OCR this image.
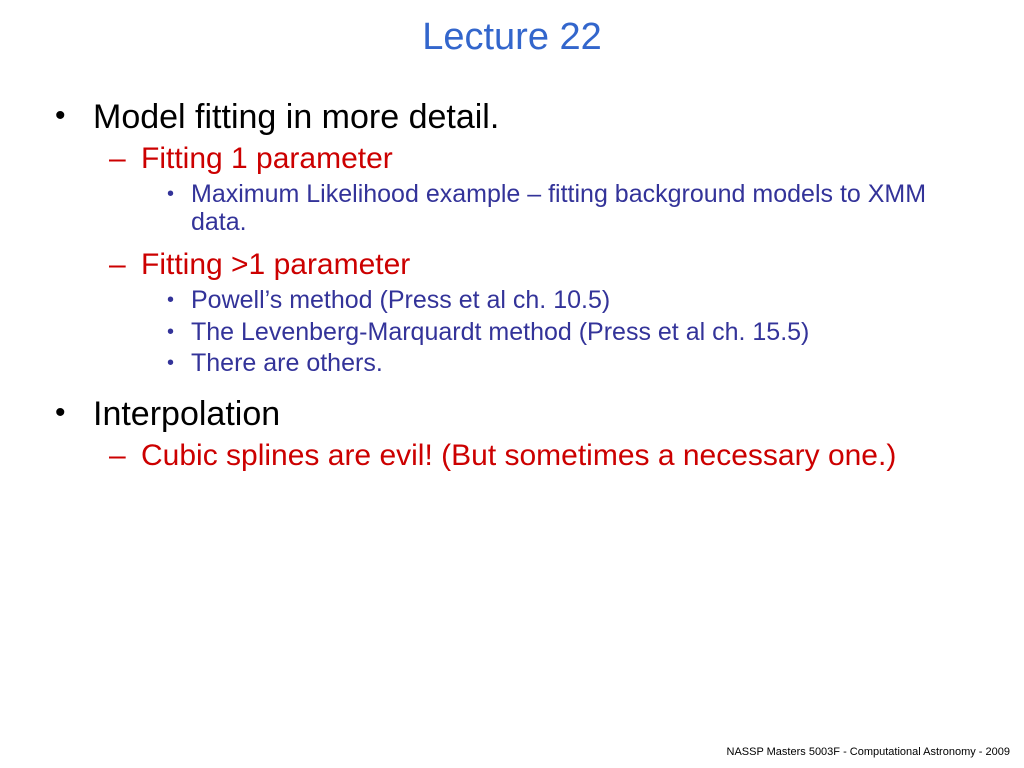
Lecture 22
• Model fitting in more detail.
– Fitting 1 parameter
• Maximum Likelihood example – fitting background models to XMM data.
– Fitting >1 parameter
• Powell’s method (Press et al ch. 10.5)
• The Levenberg-Marquardt method (Press et al ch. 15.5)
• There are others.
• Interpolation
– Cubic splines are evil! (But sometimes a necessary one.)
NASSP Masters 5003F - Computational Astronomy - 2009
